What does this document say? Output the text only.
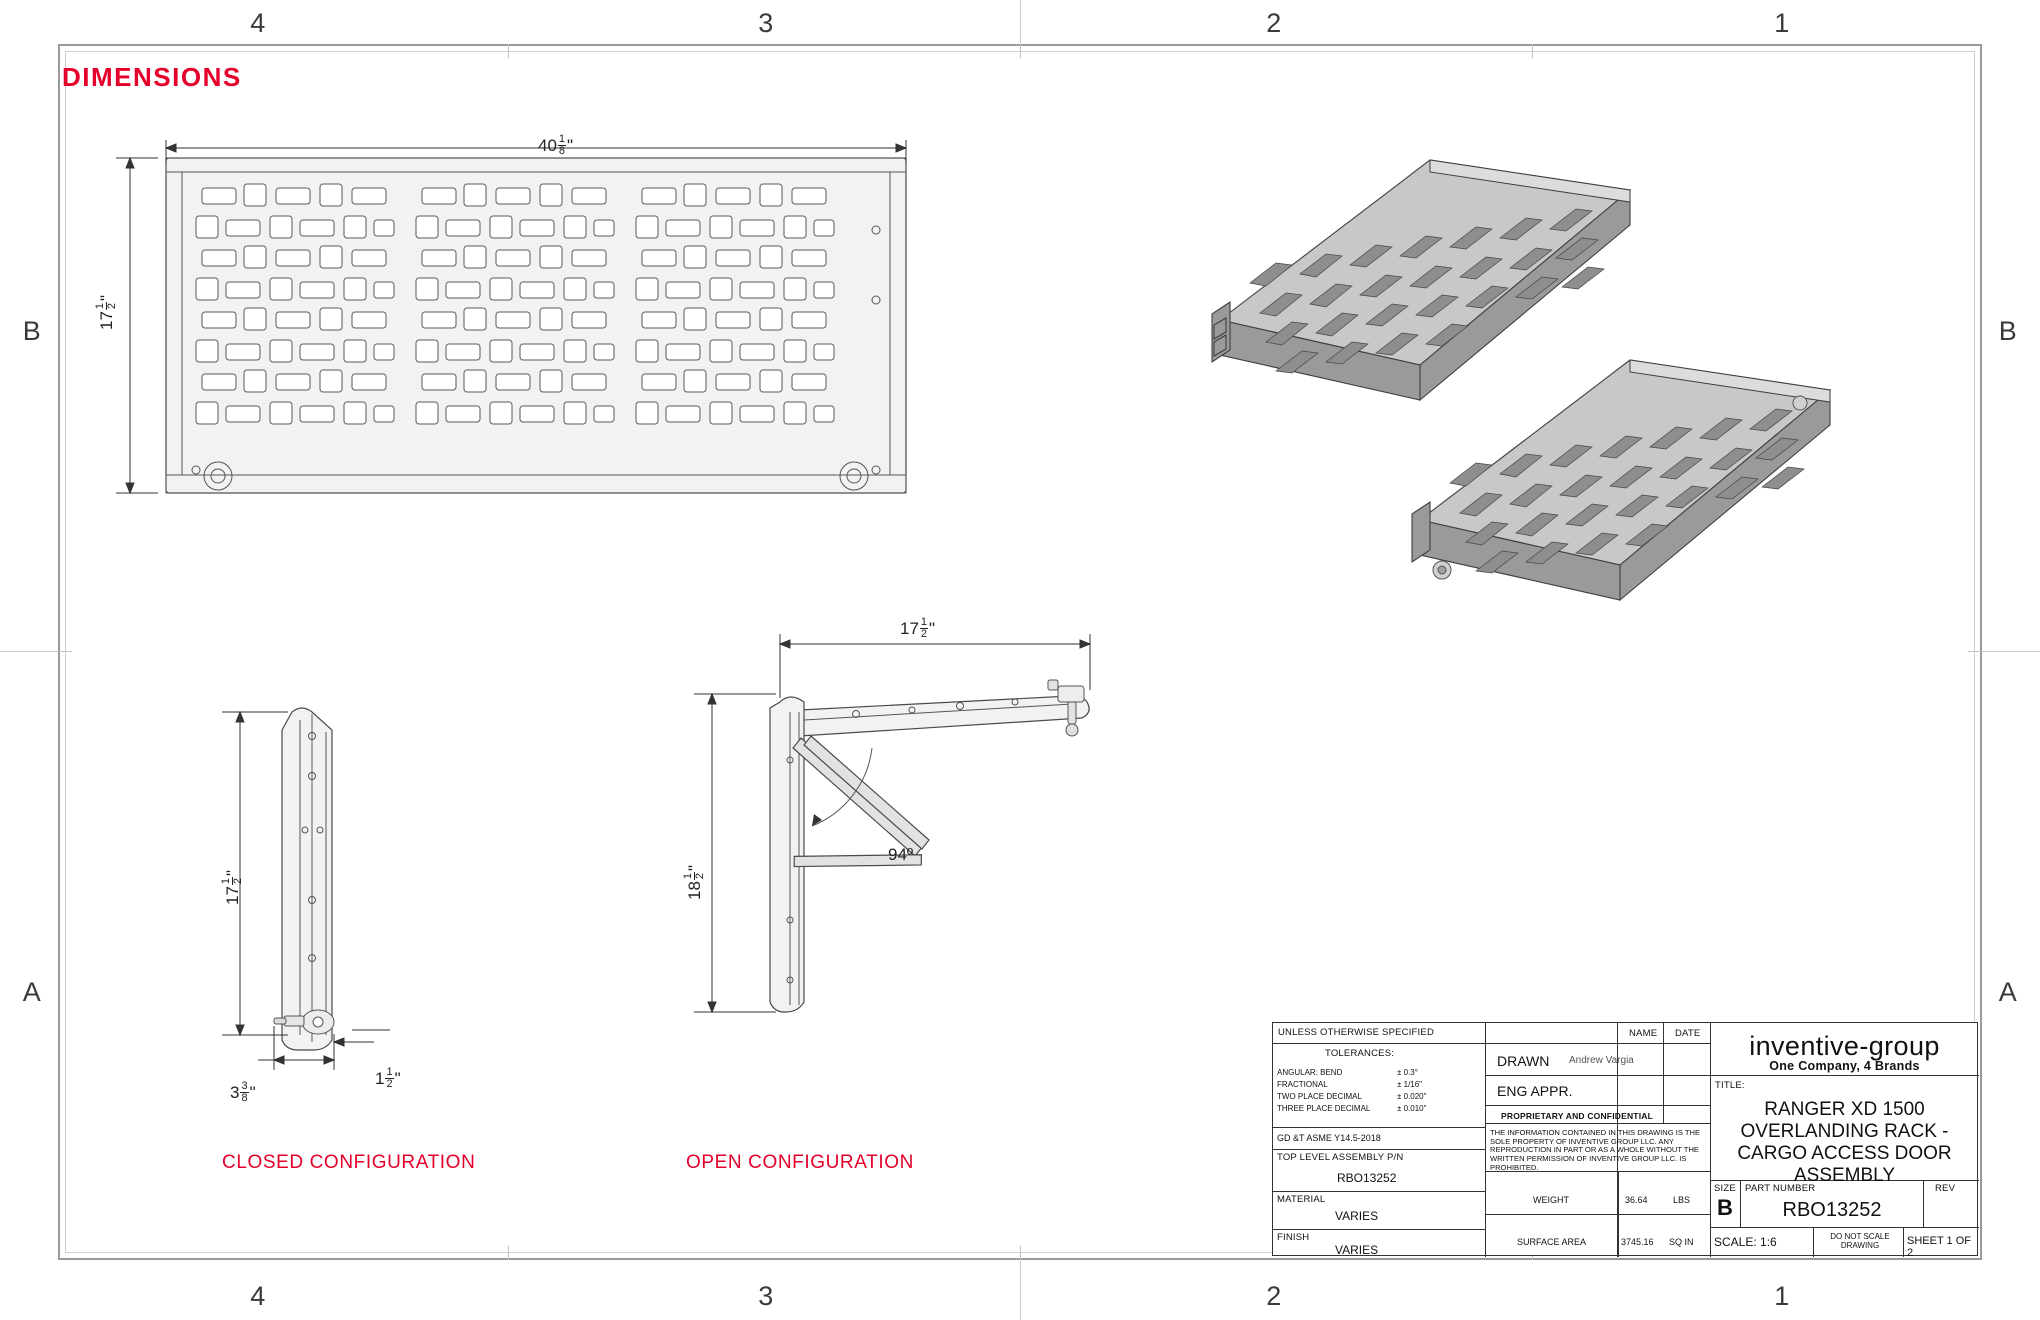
4	3	2	1
4	3	2	1
B
A
B
A
DIMENSIONS
$40 \frac{1}{8}$ "
17
1 2
"
17
1 2
"
$3 \frac{3}{8}$ "
$1 \frac{1}{2}$ "
CLOSED CONFIGURATION
$17 \frac{1}{2}$ "
18
1 2
"
94º
OPEN CONFIGURATION
UNLESS OTHERWISE SPECIFIED
TOLERANCES:
ANGULAR: BEND	± 0.3°
FRACTIONAL	± 1/16"
TWO PLACE DECIMAL	± 0.020"
THREE PLACE DECIMAL	± 0.010"
GD &T ASME Y14.5-2018
TOP LEVEL ASSEMBLY P/N
RBO13252
MATERIAL
VARIES
FINISH
VARIES
NAME DATE
DRAWN Andrew Vargia
ENG APPR.
PROPRIETARY AND CONFIDENTIAL
THE INFORMATION CONTAINED IN THIS DRAWING IS THE SOLE PROPERTY OF INVENTIVE GROUP LLC. ANY REPRODUCTION IN PART OR AS A WHOLE WITHOUT THE WRITTEN PERMISSION OF INVENTIVE GROUP LLC. IS PROHIBITED.
WEIGHT	36.64	LBS
SURFACE AREA	3745.16 SQ IN
inventive-group
One Company, 4 Brands
TITLE:
RANGER XD 1500
OVERLANDING RACK -
CARGO ACCESS DOOR
ASSEMBLY
SIZE
B
PART NUMBER
RBO13252
REV
SCALE: 1:6	DO NOT SCALE DRAWING	SHEET 1 OF 2
